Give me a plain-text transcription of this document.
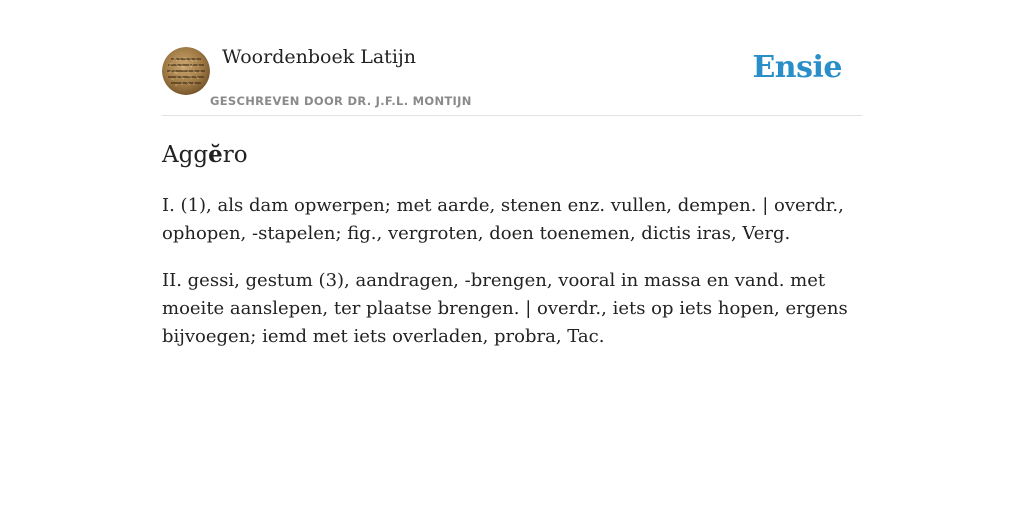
Woordenboek Latijn
GESCHREVEN DOOR DR. J.F.L. MONTIJN
Ensie
Aggĕro

I. (1), als dam opwerpen; met aarde, stenen enz. vullen, dempen. | overdr., ophopen, -stapelen; fig., vergroten, doen toenemen, dictis iras, Verg.

II. gessi, gestum (3), aandragen, -brengen, vooral in massa en vand. met moeite aanslepen, ter plaatse brengen. | overdr., iets op iets hopen, ergens bijvoegen; iemd met iets overladen, probra, Tac.
